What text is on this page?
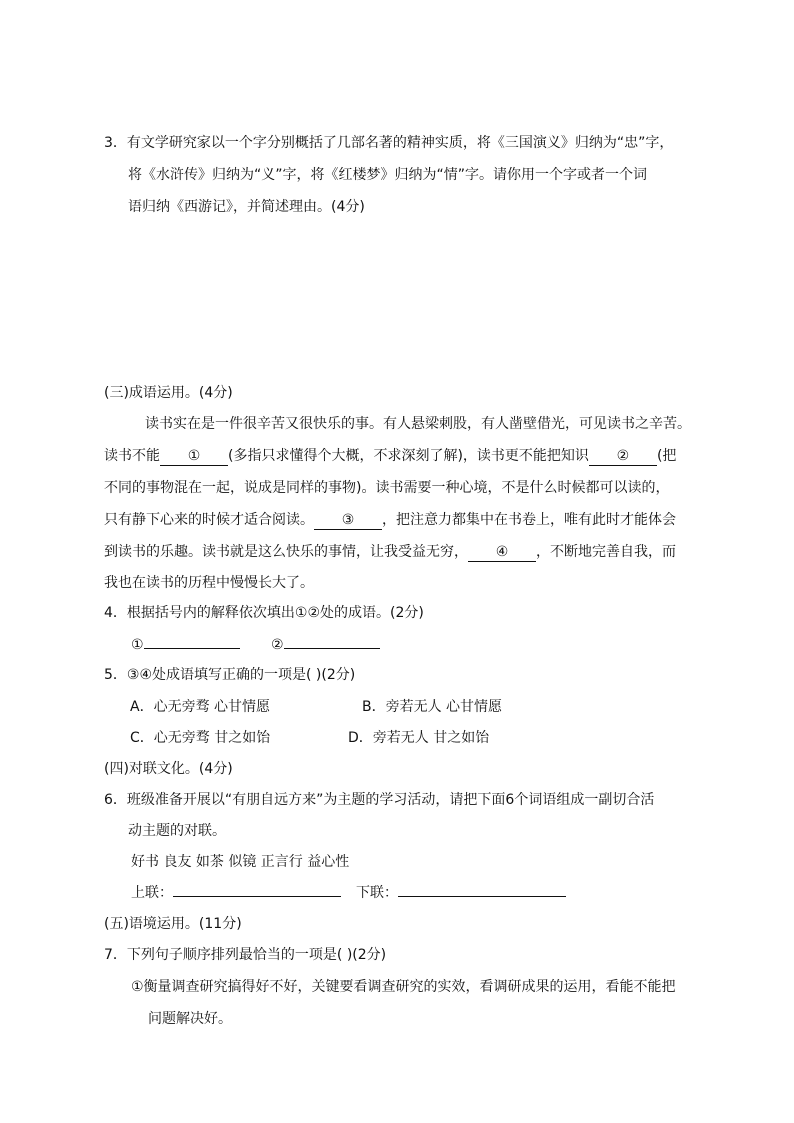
3．有文学研究家以一个字分别概括了几部名著的精神实质，将《三国演义》归纳为“忠”字，
将《水浒传》归纳为“义”字，将《红楼梦》归纳为“情”字。请你用一个字或者一个词
语归纳《西游记》，并简述理由。(4分)
(三)成语运用。(4分)
读书实在是一件很辛苦又很快乐的事。有人悬梁刺股，有人凿壁借光，可见读书之辛苦。
读书不能 ① (多指只求懂得个大概，不求深刻了解)，读书更不能把知识 ② (把
不同的事物混在一起，说成是同样的事物)。读书需要一种心境，不是什么时候都可以读的，
只有静下心来的时候才适合阅读。 ③ ，把注意力都集中在书卷上，唯有此时才能体会
到读书的乐趣。读书就是这么快乐的事情，让我受益无穷， ④ ，不断地完善自我，而
我也在读书的历程中慢慢长大了。
4．根据括号内的解释依次填出①②处的成语。(2分)
①	②
5．③④处成语填写正确的一项是( )(2分)
A．心无旁骛 心甘情愿	B．旁若无人 心甘情愿
C．心无旁骛 甘之如饴	D．旁若无人 甘之如饴
(四)对联文化。(4分)
6．班级准备开展以“有朋自远方来”为主题的学习活动，请把下面6个词语组成一副切合活
动主题的对联。
好书 良友 如茶 似镜 正言行 益心性
上联：	下联：
(五)语境运用。(11分)
7．下列句子顺序排列最恰当的一项是( )(2分)
①衡量调查研究搞得好不好，关键要看调查研究的实效，看调研成果的运用，看能不能把
问题解决好。
